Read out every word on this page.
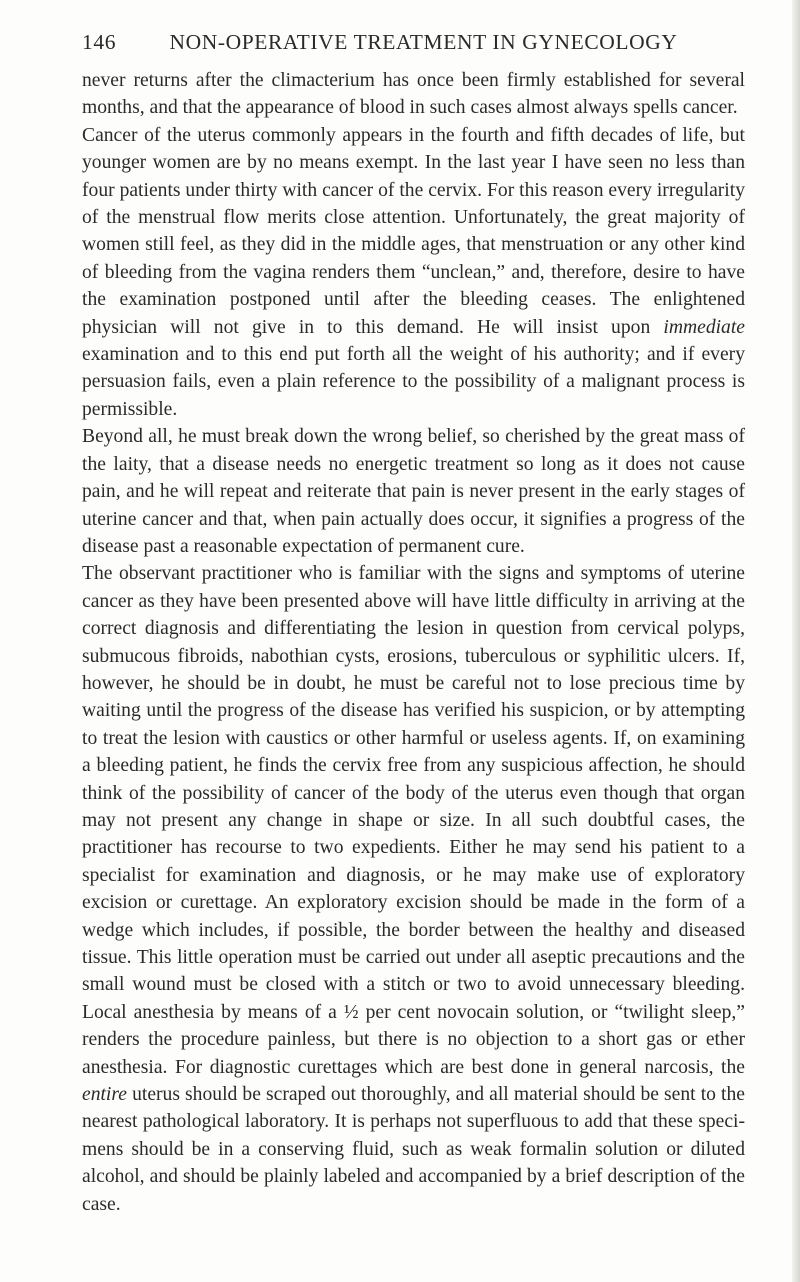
146	NON-OPERATIVE TREATMENT IN GYNECOLOGY

never returns after the climacterium has once been firmly established for several months, and that the appearance of blood in such cases almost always spells cancer.

Cancer of the uterus commonly appears in the fourth and fifth decades of life, but younger women are by no means exempt. In the last year I have seen no less than four patients under thirty with cancer of the cervix. For this reason every irregularity of the menstrual flow merits close attention. Unfortunately, the great majority of women still feel, as they did in the middle ages, that menstruation or any other kind of bleeding from the vagina renders them “unclean,” and, therefore, desire to have the examination postponed until after the bleeding ceases. The enlightened physician will not give in to this demand. He will insist upon immediate examination and to this end put forth all the weight of his authority; and if every persuasion fails, even a plain reference to the possibility of a malignant process is permissible.

Beyond all, he must break down the wrong belief, so cherished by the great mass of the laity, that a disease needs no energetic treatment so long as it does not cause pain, and he will repeat and reiterate that pain is never present in the early stages of uterine cancer and that, when pain actually does occur, it signifies a progress of the disease past a reasonable expectation of permanent cure.

The observant practitioner who is familiar with the signs and symptoms of uterine cancer as they have been presented above will have little difficulty in arriving at the correct diagnosis and differentiating the lesion in question from cervical polyps, submucous fibroids, nabothian cysts, erosions, tuberculous or syphilitic ulcers. If, however, he should be in doubt, he must be careful not to lose precious time by waiting until the progress of the disease has verified his suspicion, or by attempting to treat the lesion with caustics or other harmful or useless agents. If, on examining a bleeding patient, he finds the cervix free from any suspicious affection, he should think of the possibility of cancer of the body of the uterus even though that organ may not present any change in shape or size. In all such doubtful cases, the practitioner has recourse to two expedients. Either he may send his patient to a specialist for examination and diagnosis, or he may make use of exploratory excision or curettage. An exploratory excision should be made in the form of a wedge which includes, if possible, the border between the healthy and diseased tissue. This little operation must be carried out under all aseptic precautions and the small wound must be closed with a stitch or two to avoid unnecessary bleeding. Local anesthesia by means of a ½ per cent novocain solution, or “twilight sleep,” renders the procedure painless, but there is no objection to a short gas or ether anesthesia. For diagnostic curettages which are best done in general narcosis, the entire uterus should be scraped out thoroughly, and all material should be sent to the nearest pathological laboratory. It is perhaps not superfluous to add that these specimens should be in a conserving fluid, such as weak formalin solution or diluted alcohol, and should be plainly labeled and accompanied by a brief description of the case.
